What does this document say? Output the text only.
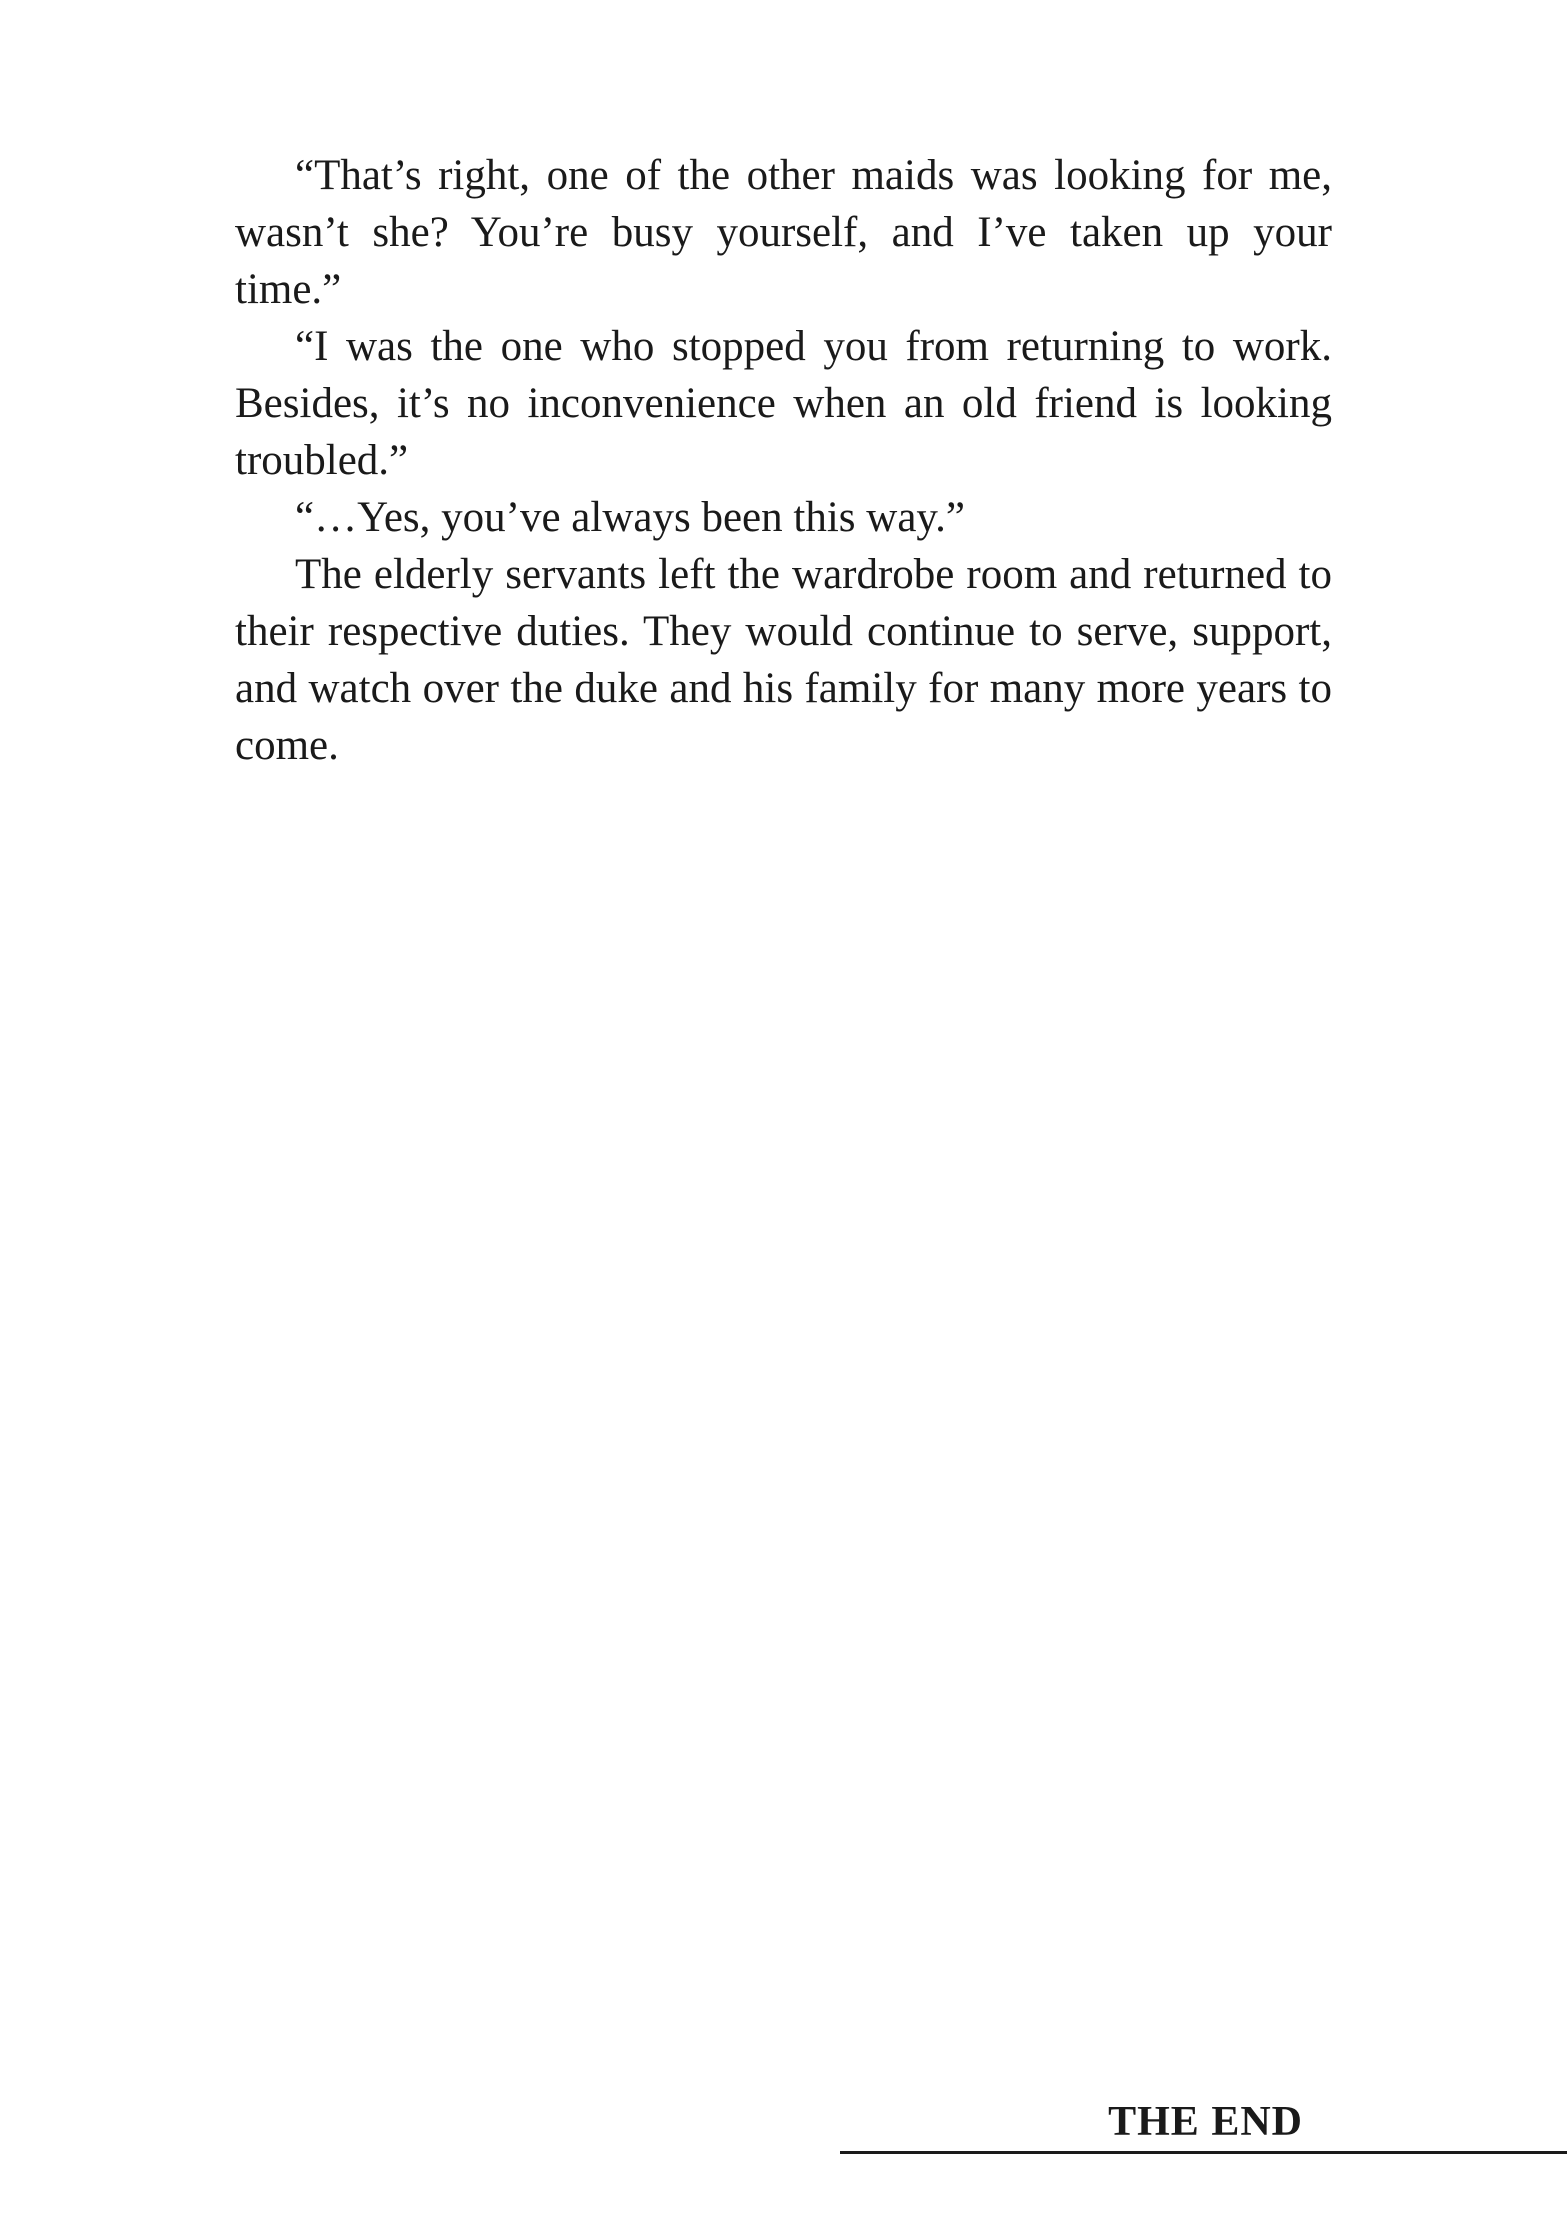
“That’s right, one of the other maids was looking for me, wasn’t she? You’re busy yourself, and I’ve taken up your time.”

“I was the one who stopped you from returning to work. Besides, it’s no inconvenience when an old friend is looking troubled.”

“…Yes, you’ve always been this way.”

The elderly servants left the wardrobe room and returned to their respective duties. They would continue to serve, support, and watch over the duke and his family for many more years to come.

THE END
